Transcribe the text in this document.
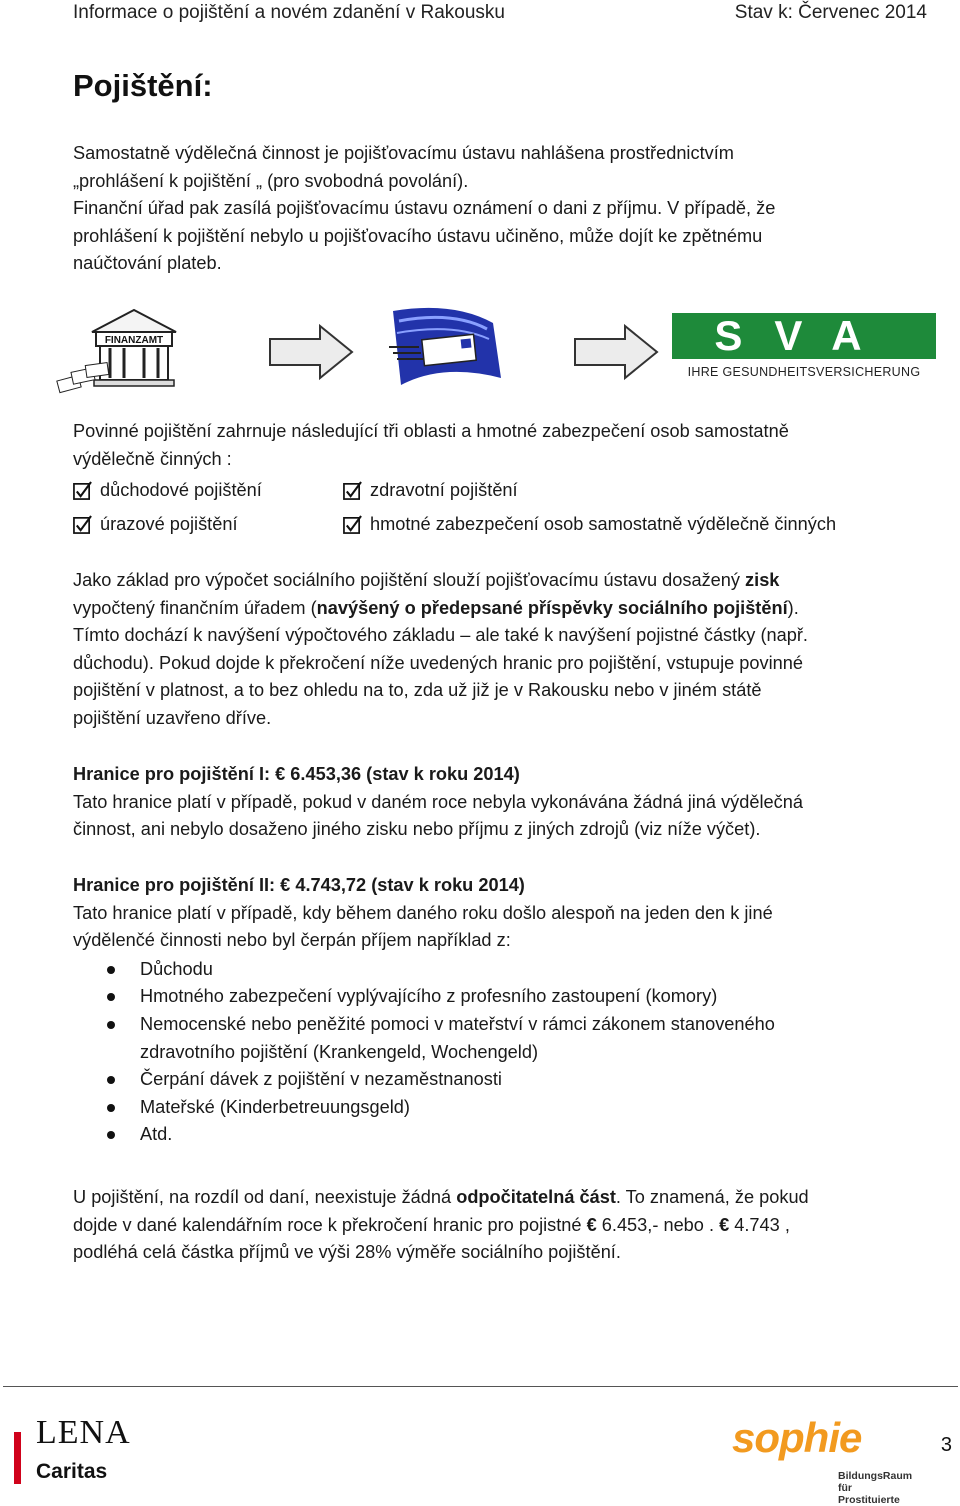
Informace o pojištění a novém zdanění v Rakousku	Stav k: Červenec 2014
Pojištění:

Samostatně výdělečná činnost je pojišťovacímu ústavu nahlášena prostřednictvím

„prohlášení k pojištění „ (pro svobodná povolání).

Finanční úřad pak zasílá pojišťovacímu ústavu oznámení o dani z příjmu. V případě, že

prohlášení k pojištění nebylo u pojišťovacího ústavu učiněno, může dojít ke zpětnému

naúčtování plateb.

FINANZAMT	SVA
IHRE GESUNDHEITSVERSICHERUNG

Povinné pojištění zahrnuje následující tři oblasti a hmotné zabezpečení osob samostatně

výdělečně činných :

důchodové pojištění	zdravotní pojištění
úrazové pojištění	hmotné zabezpečení osob samostatně výdělečně činných

Jako základ pro výpočet sociálního pojištění slouží pojišťovacímu ústavu dosažený zisk

vypočtený finančním úřadem (navýšený o předepsané příspěvky sociálního pojištění).

Tímto dochází k navýšení výpočtového základu – ale také k navýšení pojistné částky (např.

důchodu). Pokud dojde k překročení níže uvedených hranic pro pojištění, vstupuje povinné

pojištění v platnost, a to bez ohledu na to, zda už již je v Rakousku nebo v jiném státě

pojištění uzavřeno dříve.

Hranice pro pojištění I: € 6.453,36 (stav k roku 2014)

Tato hranice platí v případě, pokud v daném roce nebyla vykonávána žádná jiná výdělečná

činnost, ani nebylo dosaženo jiného zisku nebo příjmu z jiných zdrojů (viz níže výčet).

Hranice pro pojištění II: € 4.743,72 (stav k roku 2014)

Tato hranice platí v případě, kdy během daného roku došlo alespoň na jeden den k jiné

výdělenčé činnosti nebo byl čerpán příjem například z:

Důchodu
Hmotného zabezpečení vyplývajícího z profesního zastoupení (komory)
Nemocenské nebo peněžité pomoci v mateřství v rámci zákonem stanoveného
zdravotního pojištění (Krankengeld, Wochengeld)
Čerpání dávek z pojištění v nezaměstnanosti
Mateřské (Kinderbetreuungsgeld)
Atd.

U pojištění, na rozdíl od daní, neexistuje žádná odpočitatelná část. To znamená, že pokud

dojde v dané kalendářním roce k překročení hranic pro pojistné € 6.453,- nebo . € 4.743 ,

podléhá celá částka příjmů ve výši 28% výměře sociálního pojištění.

LENA
Caritas
sophie
BildungsRaum
für Prostituierte
3
